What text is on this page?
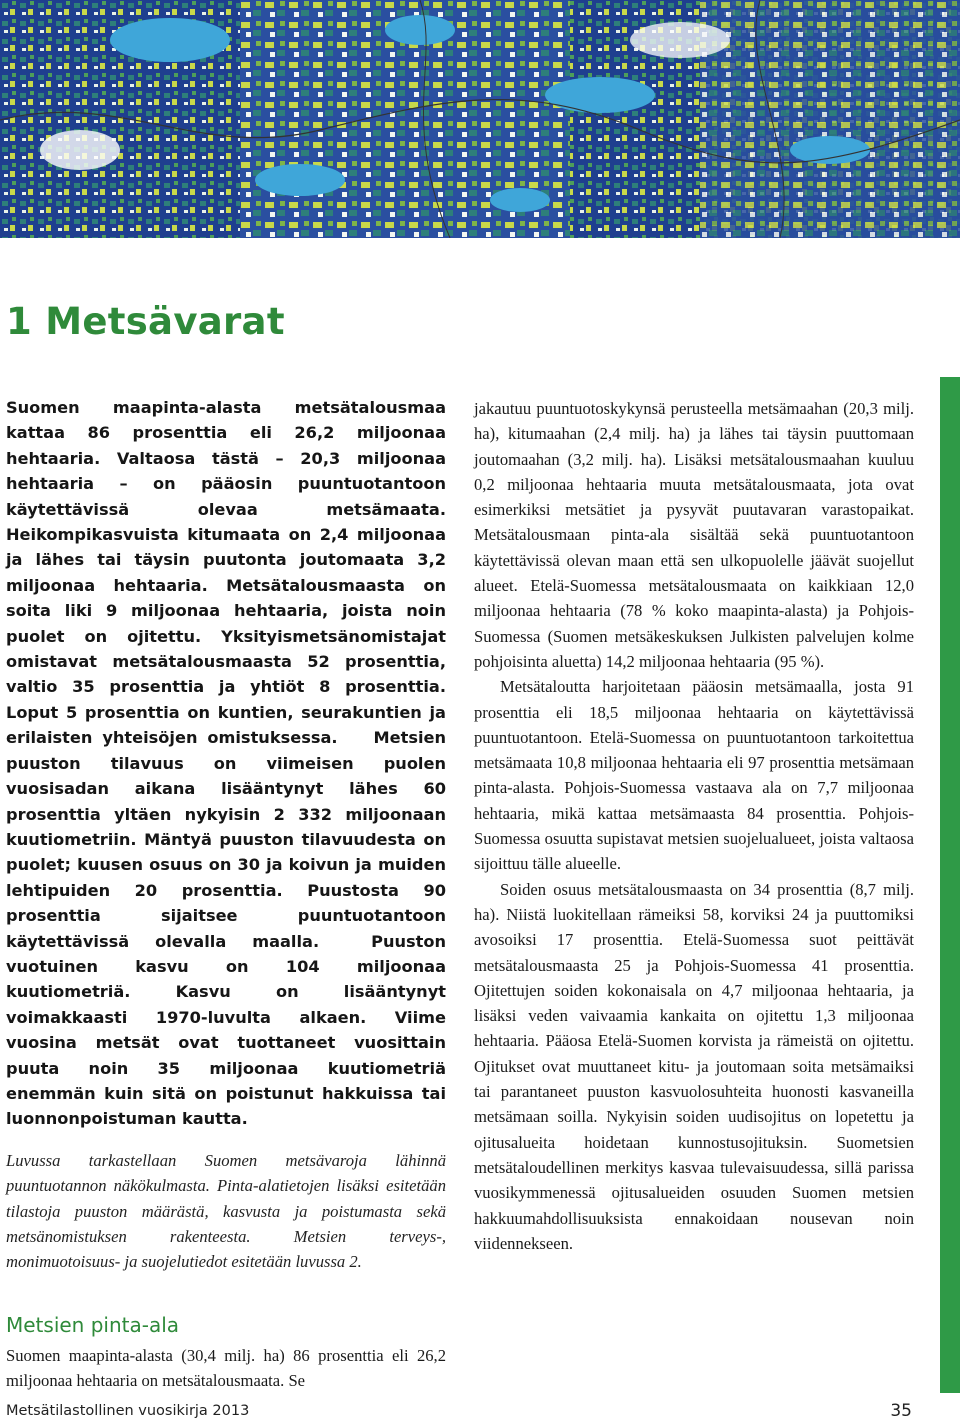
1 Metsävarat

Suomen maapinta-alasta metsätalousmaa kattaa 86 prosenttia eli 26,2 miljoonaa hehtaaria. Valtaosa tästä – 20,3 miljoonaa hehtaaria – on pääosin puuntuotantoon käytettävissä olevaa metsämaata. Heikompikasvuista kitumaata on 2,4 miljoonaa ja lähes tai täysin puutonta joutomaata 3,2 miljoonaa hehtaaria. Metsätalousmaasta on soita liki 9 miljoonaa hehtaaria, joista noin puolet on ojitettu. Yksityismetsänomistajat omistavat metsätalousmaasta 52 prosenttia, valtio 35 prosenttia ja yhtiöt 8 prosenttia. Loput 5 prosenttia on kuntien, seurakuntien ja erilaisten yhteisöjen omistuksessa. Metsien puuston tilavuus on viimeisen puolen vuosisadan aikana lisääntynyt lähes 60 prosenttia yltäen nykyisin 2 332 miljoonaan kuutiometriin. Mäntyä puuston tilavuudesta on puolet; kuusen osuus on 30 ja koivun ja muiden lehtipuiden 20 prosenttia. Puustosta 90 prosenttia sijaitsee puuntuotantoon käytettävissä olevalla maalla.	Puuston vuotuinen kasvu on 104 miljoonaa kuutiometriä. Kasvu on lisääntynyt voimakkaasti 1970-luvulta alkaen. Viime vuosina metsät ovat tuottaneet vuosittain puuta noin 35 miljoonaa kuutiometriä enemmän kuin sitä on poistunut hakkuissa tai luonnonpoistuman kautta.

Luvussa tarkastellaan Suomen metsävaroja lähinnä puuntuotannon näkökulmasta. Pinta-alatietojen lisäksi esitetään tilastoja puuston määrästä, kasvusta ja poistumasta sekä metsänomistuksen rakenteesta. Metsien terveys-, monimuotoisuus- ja suojelutiedot esitetään luvussa 2.

Metsien pinta-ala

Suomen maapinta-alasta (30,4 milj. ha) 86 prosenttia eli 26,2 miljoonaa hehtaaria on metsätalousmaata. Se

jakautuu puuntuotoskykynsä perusteella metsämaahan (20,3 milj. ha), kitumaahan (2,4 milj. ha) ja lähes tai täysin puuttomaan joutomaahan (3,2 milj. ha). Lisäksi metsätalousmaahan kuuluu 0,2 miljoonaa hehtaaria muuta metsätalousmaata, jota ovat esimerkiksi metsätiet ja pysyvät puutavaran varastopaikat. Metsätalousmaan pinta-ala sisältää sekä puuntuotantoon käytettävissä olevan maan että sen ulkopuolelle jäävät suojellut alueet. Etelä-Suomessa metsätalousmaata on kaikkiaan 12,0 miljoonaa hehtaaria (78 % koko maapinta-alasta) ja Pohjois-Suomessa (Suomen metsäkeskuksen Julkisten palvelujen kolme pohjoisinta aluetta) 14,2 miljoonaa hehtaaria (95 %).

Metsätaloutta harjoitetaan pääosin metsämaalla, josta 91 prosenttia eli 18,5 miljoonaa hehtaaria on käytettävissä puuntuotantoon. Etelä-Suomessa on puuntuotantoon tarkoitettua metsämaata 10,8 miljoonaa hehtaaria eli 97 prosenttia metsämaan pinta-alasta. Pohjois-Suomessa vastaava ala on 7,7 miljoonaa hehtaaria, mikä kattaa metsämaasta 84 prosenttia. Pohjois-Suomessa osuutta supistavat metsien suojelualueet, joista valtaosa sijoittuu tälle alueelle.

Soiden osuus metsätalousmaasta on 34 prosenttia (8,7 milj. ha). Niistä luokitellaan rämeiksi 58, korviksi 24 ja puuttomiksi avosoiksi 17 prosenttia. Etelä-Suomessa suot peittävät metsätalousmaasta 25 ja Pohjois-Suomessa 41 prosenttia. Ojitettujen soiden kokonaisala on 4,7 miljoonaa hehtaaria, ja lisäksi veden vaivaamia kankaita on ojitettu 1,3 miljoonaa hehtaaria. Pääosa Etelä-Suomen korvista ja rämeistä on ojitettu. Ojitukset ovat muuttaneet kitu- ja joutomaan soita metsämaiksi tai parantaneet puuston kasvuolosuhteita huonosti kasvaneilla metsämaan soilla. Nykyisin soiden uudisojitus on lopetettu ja ojitusalueita hoidetaan kunnostusojituksin. Suometsien metsätaloudellinen merkitys kasvaa tulevaisuudessa, sillä parissa vuosikymmenessä ojitusalueiden osuuden Suomen metsien hakkuumahdollisuuksista ennakoidaan nousevan noin viidennekseen.

Metsätilastollinen vuosikirja 2013	35
